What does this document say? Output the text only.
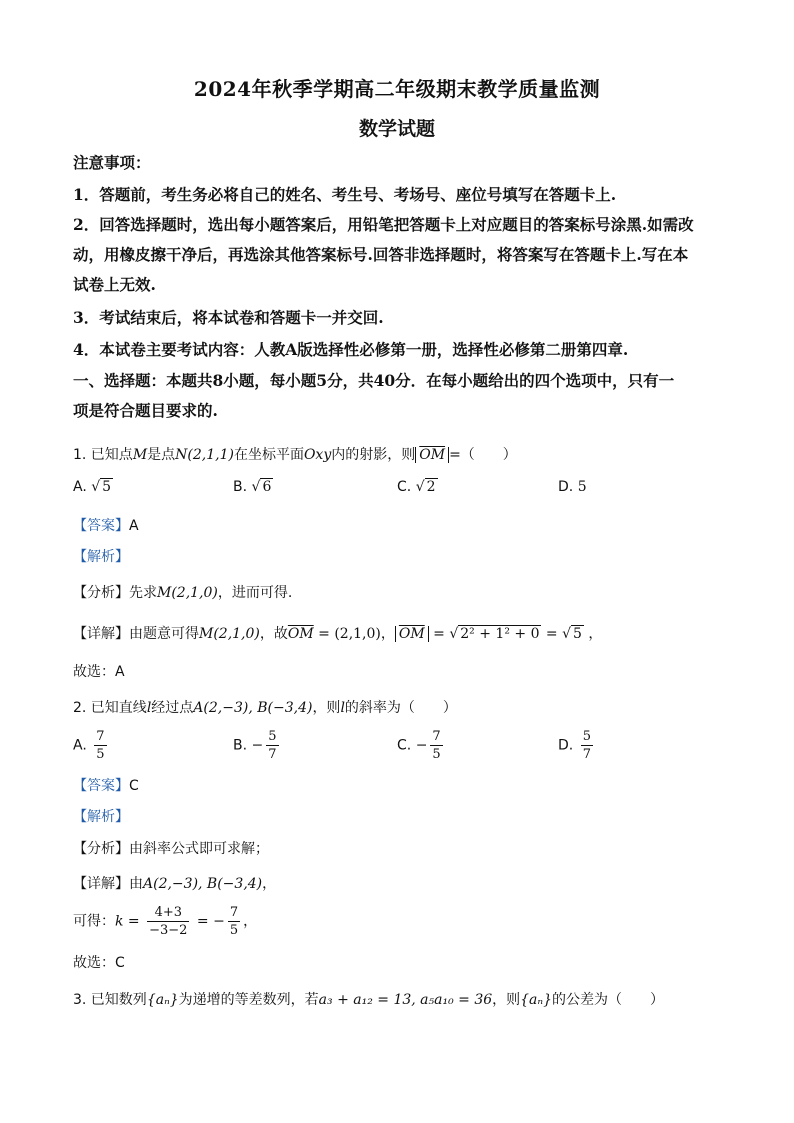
2024年秋季学期高二年级期末教学质量监测
数学试题
注意事项：
1．答题前，考生务必将自己的姓名、考生号、考场号、座位号填写在答题卡上.
2．回答选择题时，选出每小题答案后，用铅笔把答题卡上对应题目的答案标号涂黑.如需改
动，用橡皮擦干净后，再选涂其他答案标号.回答非选择题时，将答案写在答题卡上.写在本
试卷上无效.
3．考试结束后，将本试卷和答题卡一并交回.
4．本试卷主要考试内容：人教A版选择性必修第一册，选择性必修第二册第四章.
一、选择题：本题共8小题，每小题5分，共40分．在每小题给出的四个选项中，只有一
项是符合题目要求的.
1. 已知点M是点N(2,1,1)在坐标平面Oxy内的射影，则 $\overline{OM}$ =（　　）
A. √ 5	B. √ 6	C. √ 2	D. 5
【答案】A
【解析】
【分析】先求M(2,1,0)，进而可得.
【详解】由题意可得M(2,1,0)，故$\overline{OM} = (2,1,0)$， $\overline{OM}$ = √ 2² + 1² + 0 = √ 5 ，
故选：A
2. 已知直线l经过点A(2,−3), B(−3,4)，则l的斜率为（　　）
A. $\frac{7}{5}$	B. − $\frac{5}{7}$	C. − $\frac{7}{5}$	D. $\frac{5}{7}$
【答案】C
【解析】
【分析】由斜率公式即可求解；
【详解】由A(2,−3), B(−3,4)，
可得：$k = \frac{4+3}{-3-2}$ = − $\frac{7}{5}$ ，
故选：C
3. 已知数列{aₙ}为递增的等差数列，若a₃ + a₁₂ = 13, a₅a₁₀ = 36，则{aₙ}的公差为（　　）
